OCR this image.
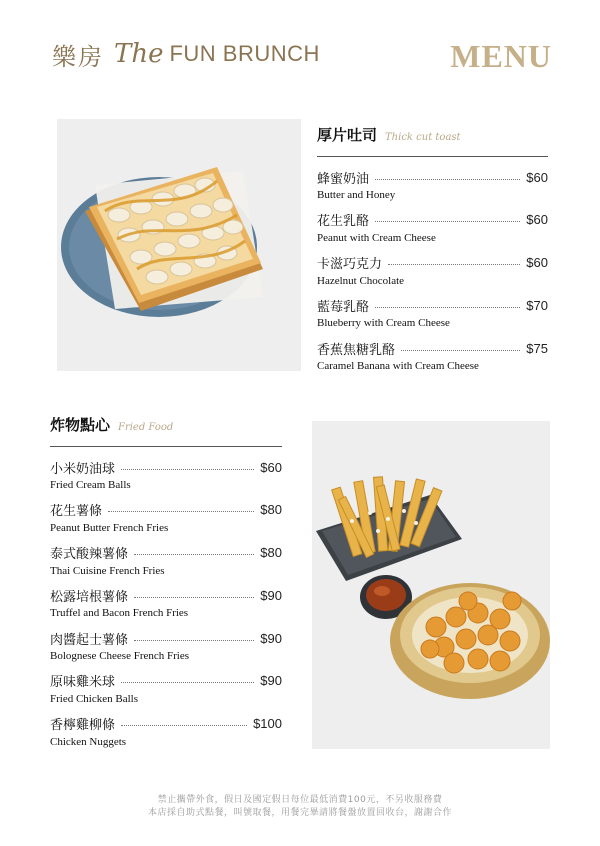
樂房 The FUN BRUNCH	MENU
厚片吐司 Thick cut toast
蜂蜜奶油	$60
Butter and Honey
花生乳酪	$60
Peanut with Cream Cheese
卡滋巧克力	$60
Hazelnut Chocolate
藍莓乳酪	$70
Blueberry with Cream Cheese
香蕉焦糖乳酪	$75
Caramel Banana with Cream Cheese
炸物點心 Fried Food
小米奶油球	$60
Fried Cream Balls
花生薯條	$80
Peanut Butter French Fries
泰式酸辣薯條	$80
Thai Cuisine French Fries
松露培根薯條	$90
Truffel and Bacon French Fries
肉醬起士薯條	$90
Bolognese Cheese French Fries
原味雞米球	$90
Fried Chicken Balls
香檸雞柳條	$100
Chicken Nuggets
禁止攜帶外食，假日及國定假日每位最低消費100元，不另收服務費
本店採自助式點餐，叫號取餐，用餐完畢請將餐盤放置回收台，謝謝合作
